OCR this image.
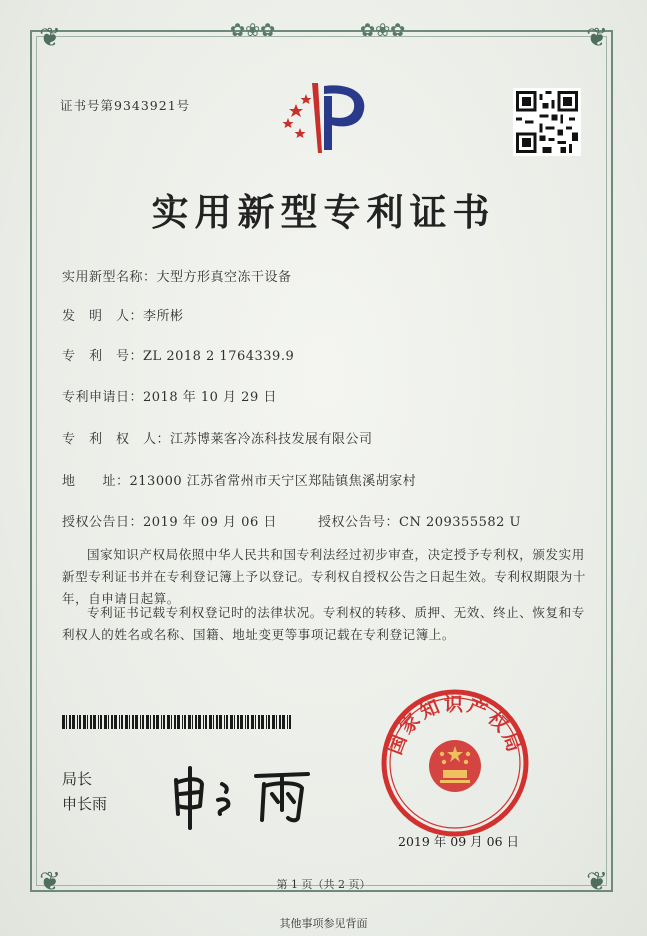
❦	❦
❦	❦
✿❀✿	✿❀✿
证书号第9343921号
实用新型专利证书
实用新型名称：大型方形真空冻干设备
发　明　人：李所彬
专　利　号：ZL 2018 2 1764339.9
专利申请日：2018 年 10 月 29 日
专　利　权　人：江苏博莱客冷冻科技发展有限公司
地　　址：213000 江苏省常州市天宁区郑陆镇焦溪胡家村
授权公告日：2019 年 09 月 06 日	授权公告号：CN 209355582 U
国家知识产权局依照中华人民共和国专利法经过初步审查，决定授予专利权，颁发实用新型专利证书并在专利登记簿上予以登记。专利权自授权公告之日起生效。专利权期限为十年，自申请日起算。
专利证书记载专利权登记时的法律状况。专利权的转移、质押、无效、终止、恢复和专利权人的姓名或名称、国籍、地址变更等事项记载在专利登记簿上。
局长
申长雨
国家知识产权局
2019 年 09 月 06 日
第 1 页（共 2 页）
其他事项参见背面
